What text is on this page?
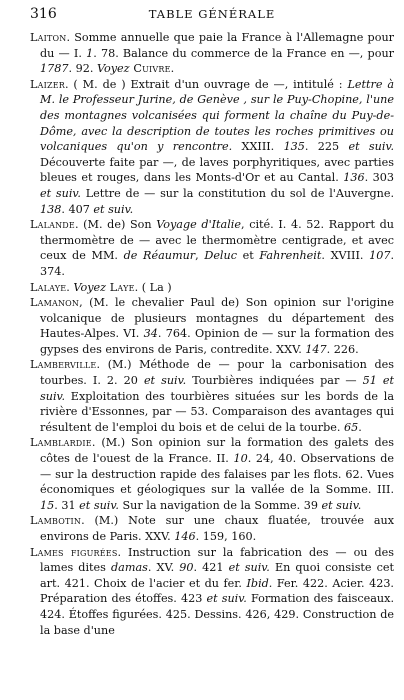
316	TABLE GÉNÉRALE

Laiton. Somme annuelle que paie la France à l'Allemagne pour du — I. 1. 78. Balance du commerce de la France en —, pour 1787. 92. Voyez Cuivre.

Laizer. ( M. de ) Extrait d'un ouvrage de —, intitulé : Lettre à M. le Professeur Jurine, de Genève , sur le Puy-Chopine, l'une des montagnes volcanisées qui forment la chaîne du Puy-de-Dôme, avec la description de toutes les roches primitives ou volcaniques qu'on y rencontre. XXIII. 135. 225 et suiv. Découverte faite par —, de laves porphyritiques, avec parties bleues et rouges, dans les Monts-d'Or et au Cantal. 136. 303 et suiv. Lettre de — sur la constitution du sol de l'Auvergne. 138. 407 et suiv.

Lalande. (M. de) Son Voyage d'Italie, cité. I. 4. 52. Rapport du thermomètre de — avec le thermomètre centigrade, et avec ceux de MM. de Réaumur, Deluc et Fahrenheit. XVIII. 107. 374.

Lalaye. Voyez Laye. ( La )

Lamanon, (M. le chevalier Paul de) Son opinion sur l'origine volcanique de plusieurs montagnes du département des Hautes-Alpes. VI. 34. 764. Opinion de — sur la formation des gypses des environs de Paris, contredite. XXV. 147. 226.

Lamberville. (M.) Méthode de — pour la carbonisation des tourbes. I. 2. 20 et suiv. Tourbières indiquées par — 51 et suiv. Exploitation des tourbières situées sur les bords de la rivière d'Essonnes, par — 53. Comparaison des avantages qui résultent de l'emploi du bois et de celui de la tourbe. 65.

Lamblardie. (M.) Son opinion sur la formation des galets des côtes de l'ouest de la France. II. 10. 24, 40. Observations de — sur la destruction rapide des falaises par les flots. 62. Vues économiques et géologiques sur la vallée de la Somme. III. 15. 31 et suiv. Sur la navigation de la Somme. 39 et suiv.

Lambotin. (M.) Note sur une chaux fluatée, trouvée aux environs de Paris. XXV. 146. 159, 160.

Lames figurées. Instruction sur la fabrication des — ou des lames dites damas. XV. 90. 421 et suiv. En quoi consiste cet art. 421. Choix de l'acier et du fer. Ibid. Fer. 422. Acier. 423. Préparation des étoffes. 423 et suiv. Formation des faisceaux. 424. Étoffes figurées. 425. Dessins. 426, 429. Construction de la base d'une
